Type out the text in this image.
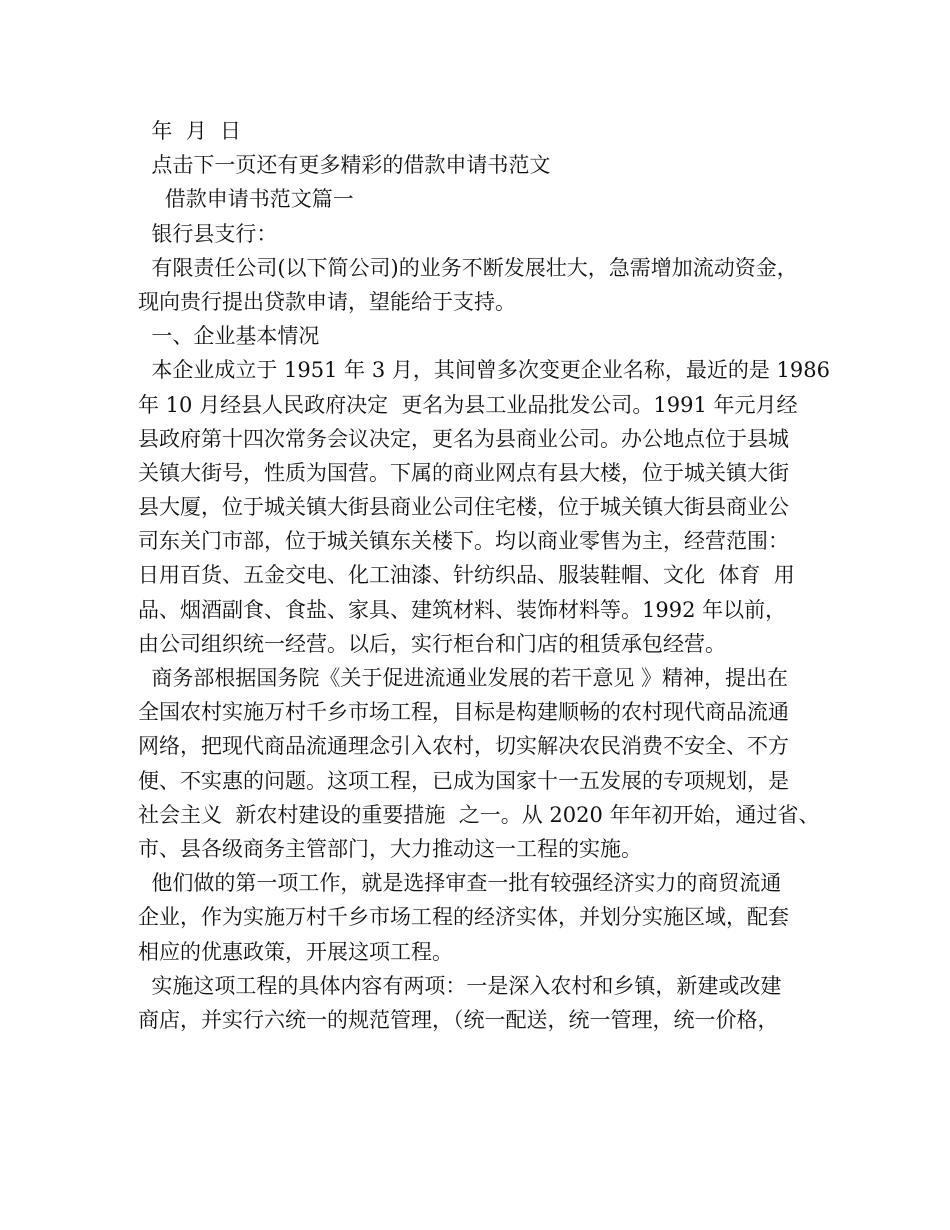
年  月  日
点击下一页还有更多精彩的借款申请书范文
借款申请书范文篇一
银行县支行：
有限责任公司(以下简公司)的业务不断发展壮大，急需增加流动资金，
现向贵行提出贷款申请，望能给于支持。
一、企业基本情况
本企业成立于 1951 年 3 月，其间曾多次变更企业名称，最近的是 1986
年 10 月经县人民政府决定  更名为县工业品批发公司。1991 年元月经
县政府第十四次常务会议决定，更名为县商业公司。办公地点位于县城
关镇大街号，性质为国营。下属的商业网点有县大楼，位于城关镇大街
县大厦，位于城关镇大街县商业公司住宅楼，位于城关镇大街县商业公
司东关门市部，位于城关镇东关楼下。均以商业零售为主，经营范围：
日用百货、五金交电、化工油漆、针纺织品、服装鞋帽、文化  体育  用
品、烟酒副食、食盐、家具、建筑材料、装饰材料等。1992 年以前，
由公司组织统一经营。以后，实行柜台和门店的租赁承包经营。
商务部根据国务院《关于促进流通业发展的若干意见 》精神，提出在
全国农村实施万村千乡市场工程，目标是构建顺畅的农村现代商品流通
网络，把现代商品流通理念引入农村，切实解决农民消费不安全、不方
便、不实惠的问题。这项工程，已成为国家十一五发展的专项规划，是
社会主义  新农村建设的重要措施  之一。从 2020 年年初开始，通过省、
市、县各级商务主管部门，大力推动这一工程的实施。
他们做的第一项工作，就是选择审查一批有较强经济实力的商贸流通
企业，作为实施万村千乡市场工程的经济实体，并划分实施区域，配套
相应的优惠政策，开展这项工程。
实施这项工程的具体内容有两项：一是深入农村和乡镇，新建或改建
商店，并实行六统一的规范管理，（统一配送，统一管理，统一价格，
